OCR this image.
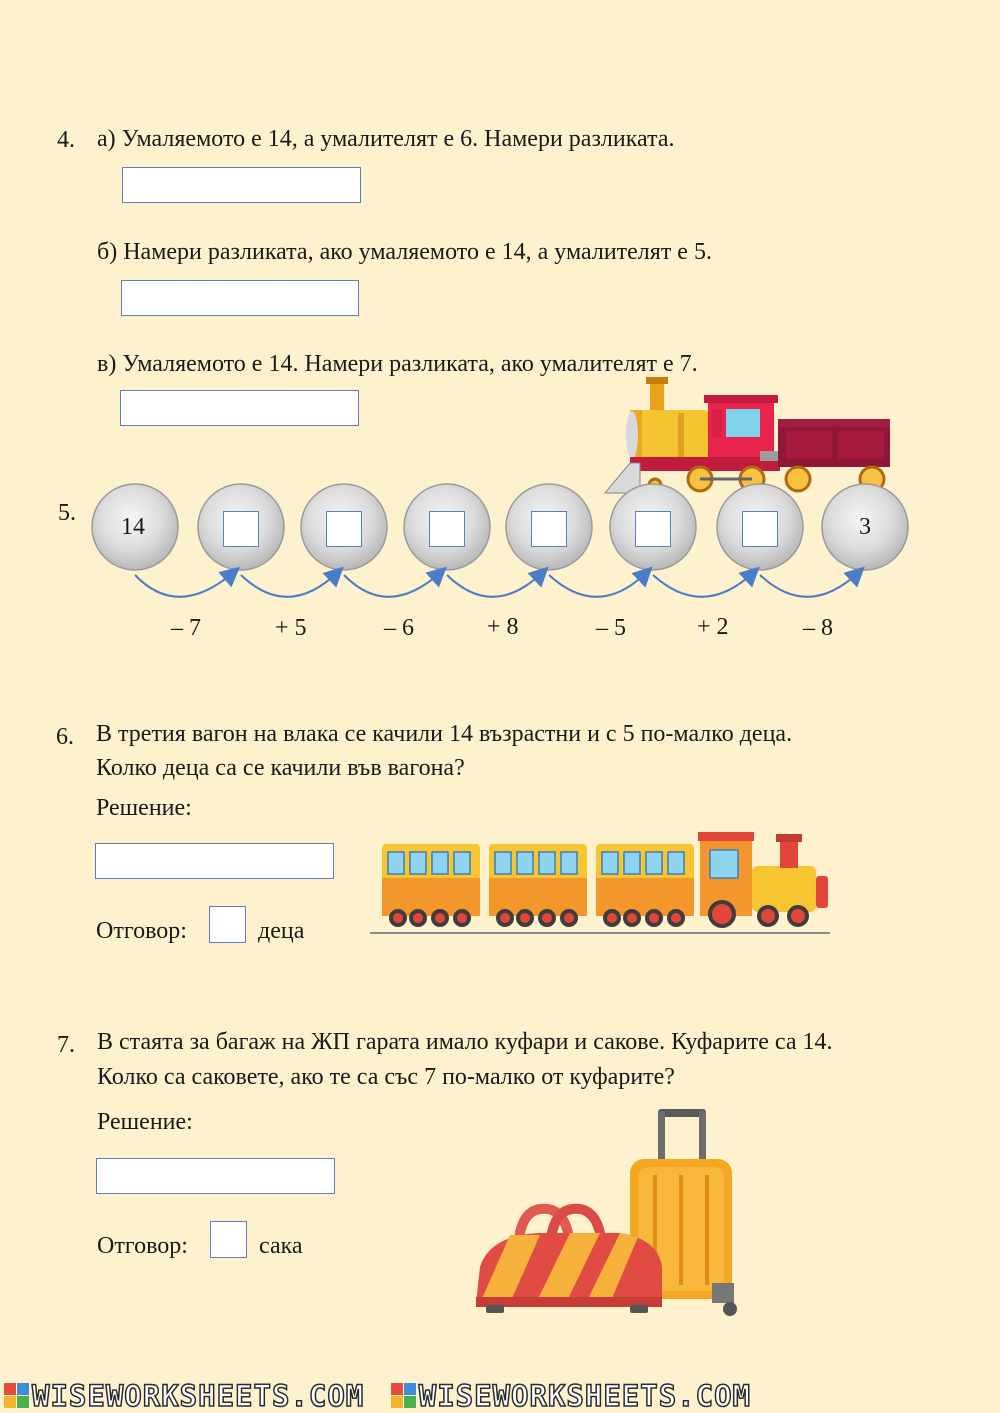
4. а) Умаляемото е 14, а умалителят е 6. Намери разликата.
б) Намери разликата, ако умаляемото е 14, а умалителят е 5.
в) Умаляемото е 14. Намери разликата, ако умалителят е 7.
5.
14	3
– 7	+ 5	– 6	+ 8	– 5	+ 2	– 8
6. В третия вагон на влака се качили 14 възрастни и с 5 по-малко деца.
Колко деца са се качили във вагона?
Решение:
Отговор:	деца
7. В стаята за багаж на ЖП гарата имало куфари и сакове. Куфарите са 14.
Колко са саковете, ако те са със 7 по-малко от куфарите?
Решение:
Отговор:	сака
WISEWORKSHEETS.COM WISEWORKSHEETS.COM
